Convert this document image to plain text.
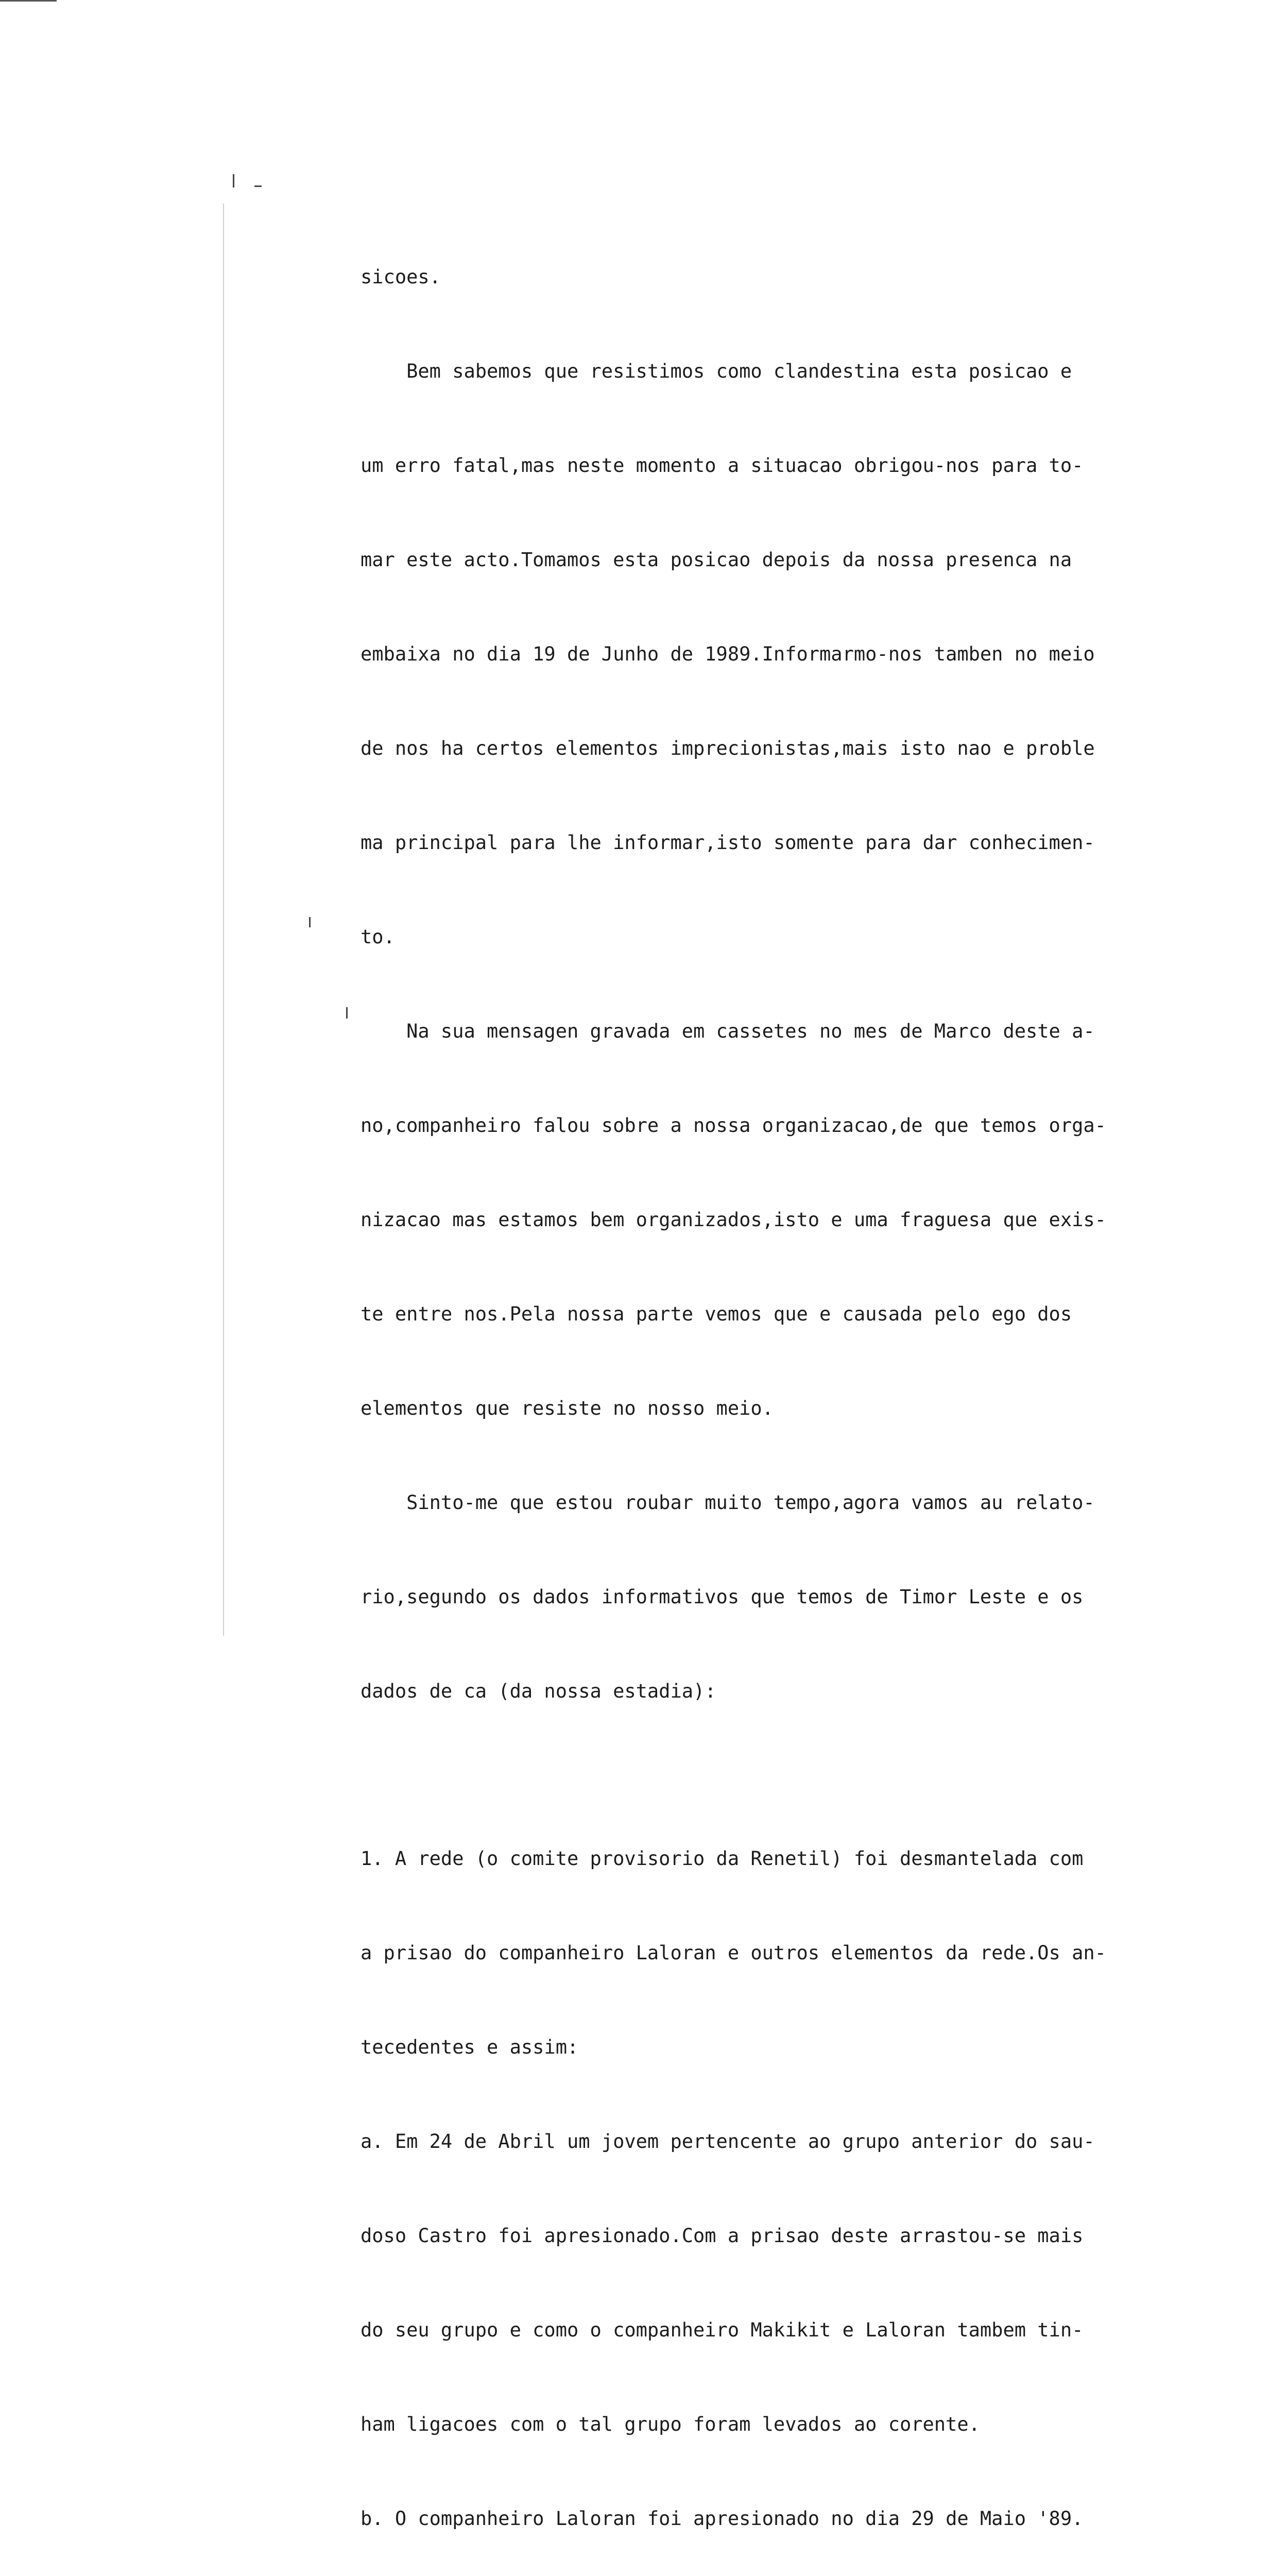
sicoes.

Bem sabemos que resistimos como clandestina esta posicao e

um erro fatal,mas neste momento a situacao obrigou-nos para to-

mar este acto.Tomamos esta posicao depois da nossa presenca na

embaixa no dia 19 de Junho de 1989.Informarmo-nos tamben no meio

de nos ha certos elementos imprecionistas,mais isto nao e proble

ma principal para lhe informar,isto somente para dar conhecimen-

to.

Na sua mensagen gravada em cassetes no mes de Marco deste a-

no,companheiro falou sobre a nossa organizacao,de que temos orga-

nizacao mas estamos bem organizados,isto e uma fraguesa que exis-

te entre nos.Pela nossa parte vemos que e causada pelo ego dos

elementos que resiste no nosso meio.

Sinto-me que estou roubar muito tempo,agora vamos au relato-

rio,segundo os dados informativos que temos de Timor Leste e os

dados de ca (da nossa estadia):

1. A rede (o comite provisorio da Renetil) foi desmantelada com

a prisao do companheiro Laloran e outros elementos da rede.Os an-

tecedentes e assim:

a. Em 24 de Abril um jovem pertencente ao grupo anterior do sau-

doso Castro foi apresionado.Com a prisao deste arrastou-se mais

do seu grupo e como o companheiro Makikit e Laloran tambem tin-

ham ligacoes com o tal grupo foram levados ao corente.

b. O companheiro Laloran foi apresionado no dia 29 de Maio '89.
